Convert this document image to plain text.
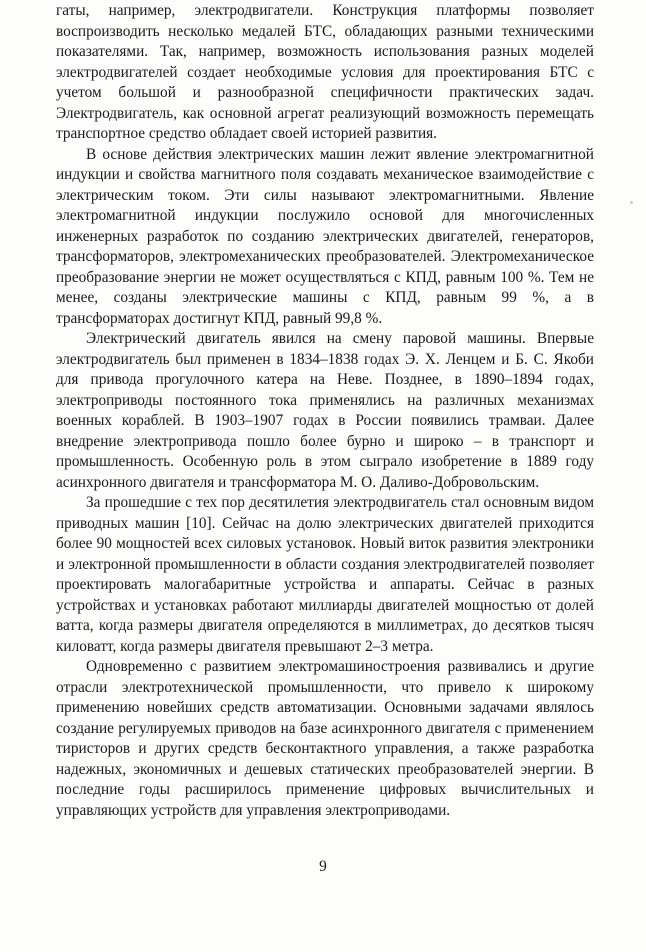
гаты, например, электродвигатели. Конструкция платформы позволяет воспроизводить несколько медалей БТС, обладающих разными техническими показателями. Так, например, возможность использования разных моделей электродвигателей создает необходимые условия для проектирования БТС с учетом большой и разнообразной специфичности практических задач. Электродвигатель, как основной агрегат реализующий возможность перемещать транспортное средство обладает своей историей развития.

В основе действия электрических машин лежит явление электромагнитной индукции и свойства магнитного поля создавать механическое взаимодействие с электрическим током. Эти силы называют электромагнитными. Явление электромагнитной индукции послужило основой для многочисленных инженерных разработок по созданию электрических двигателей, генераторов, трансформаторов, электромеханических преобразователей. Электромеханическое преобразование энергии не может осуществляться с КПД, равным 100 %. Тем не менее, созданы электрические машины с КПД, равным 99 %, а в трансформаторах достигнут КПД, равный 99,8 %.

Электрический двигатель явился на смену паровой машины. Впервые электродвигатель был применен в 1834–1838 годах Э. Х. Ленцем и Б. С. Якоби для привода прогулочного катера на Неве. Позднее, в 1890–1894 годах, электроприводы постоянного тока применялись на различных механизмах военных кораблей. В 1903–1907 годах в России появились трамваи. Далее внедрение электропривода пошло более бурно и широко – в транспорт и промышленность. Особенную роль в этом сыграло изобретение в 1889 году асинхронного двигателя и трансформатора М. О. Даливо-Добровольским.

За прошедшие с тех пор десятилетия электродвигатель стал основным видом приводных машин [10]. Сейчас на долю электрических двигателей приходится более 90 мощностей всех силовых установок. Новый виток развития электроники и электронной промышленности в области создания электродвигателей позволяет проектировать малогабаритные устройства и аппараты. Сейчас в разных устройствах и установках работают миллиарды двигателей мощностью от долей ватта, когда размеры двигателя определяются в миллиметрах, до десятков тысяч киловатт, когда размеры двигателя превышают 2–3 метра.

Одновременно с развитием электромашиностроения развивались и другие отрасли электротехнической промышленности, что привело к широкому применению новейших средств автоматизации. Основными задачами являлось создание регулируемых приводов на базе асинхронного двигателя с применением тиристоров и других средств бесконтактного управления, а также разработка надежных, экономичных и дешевых статических преобразователей энергии. В последние годы расширилось применение цифровых вычислительных и управляющих устройств для управления электроприводами.

9
